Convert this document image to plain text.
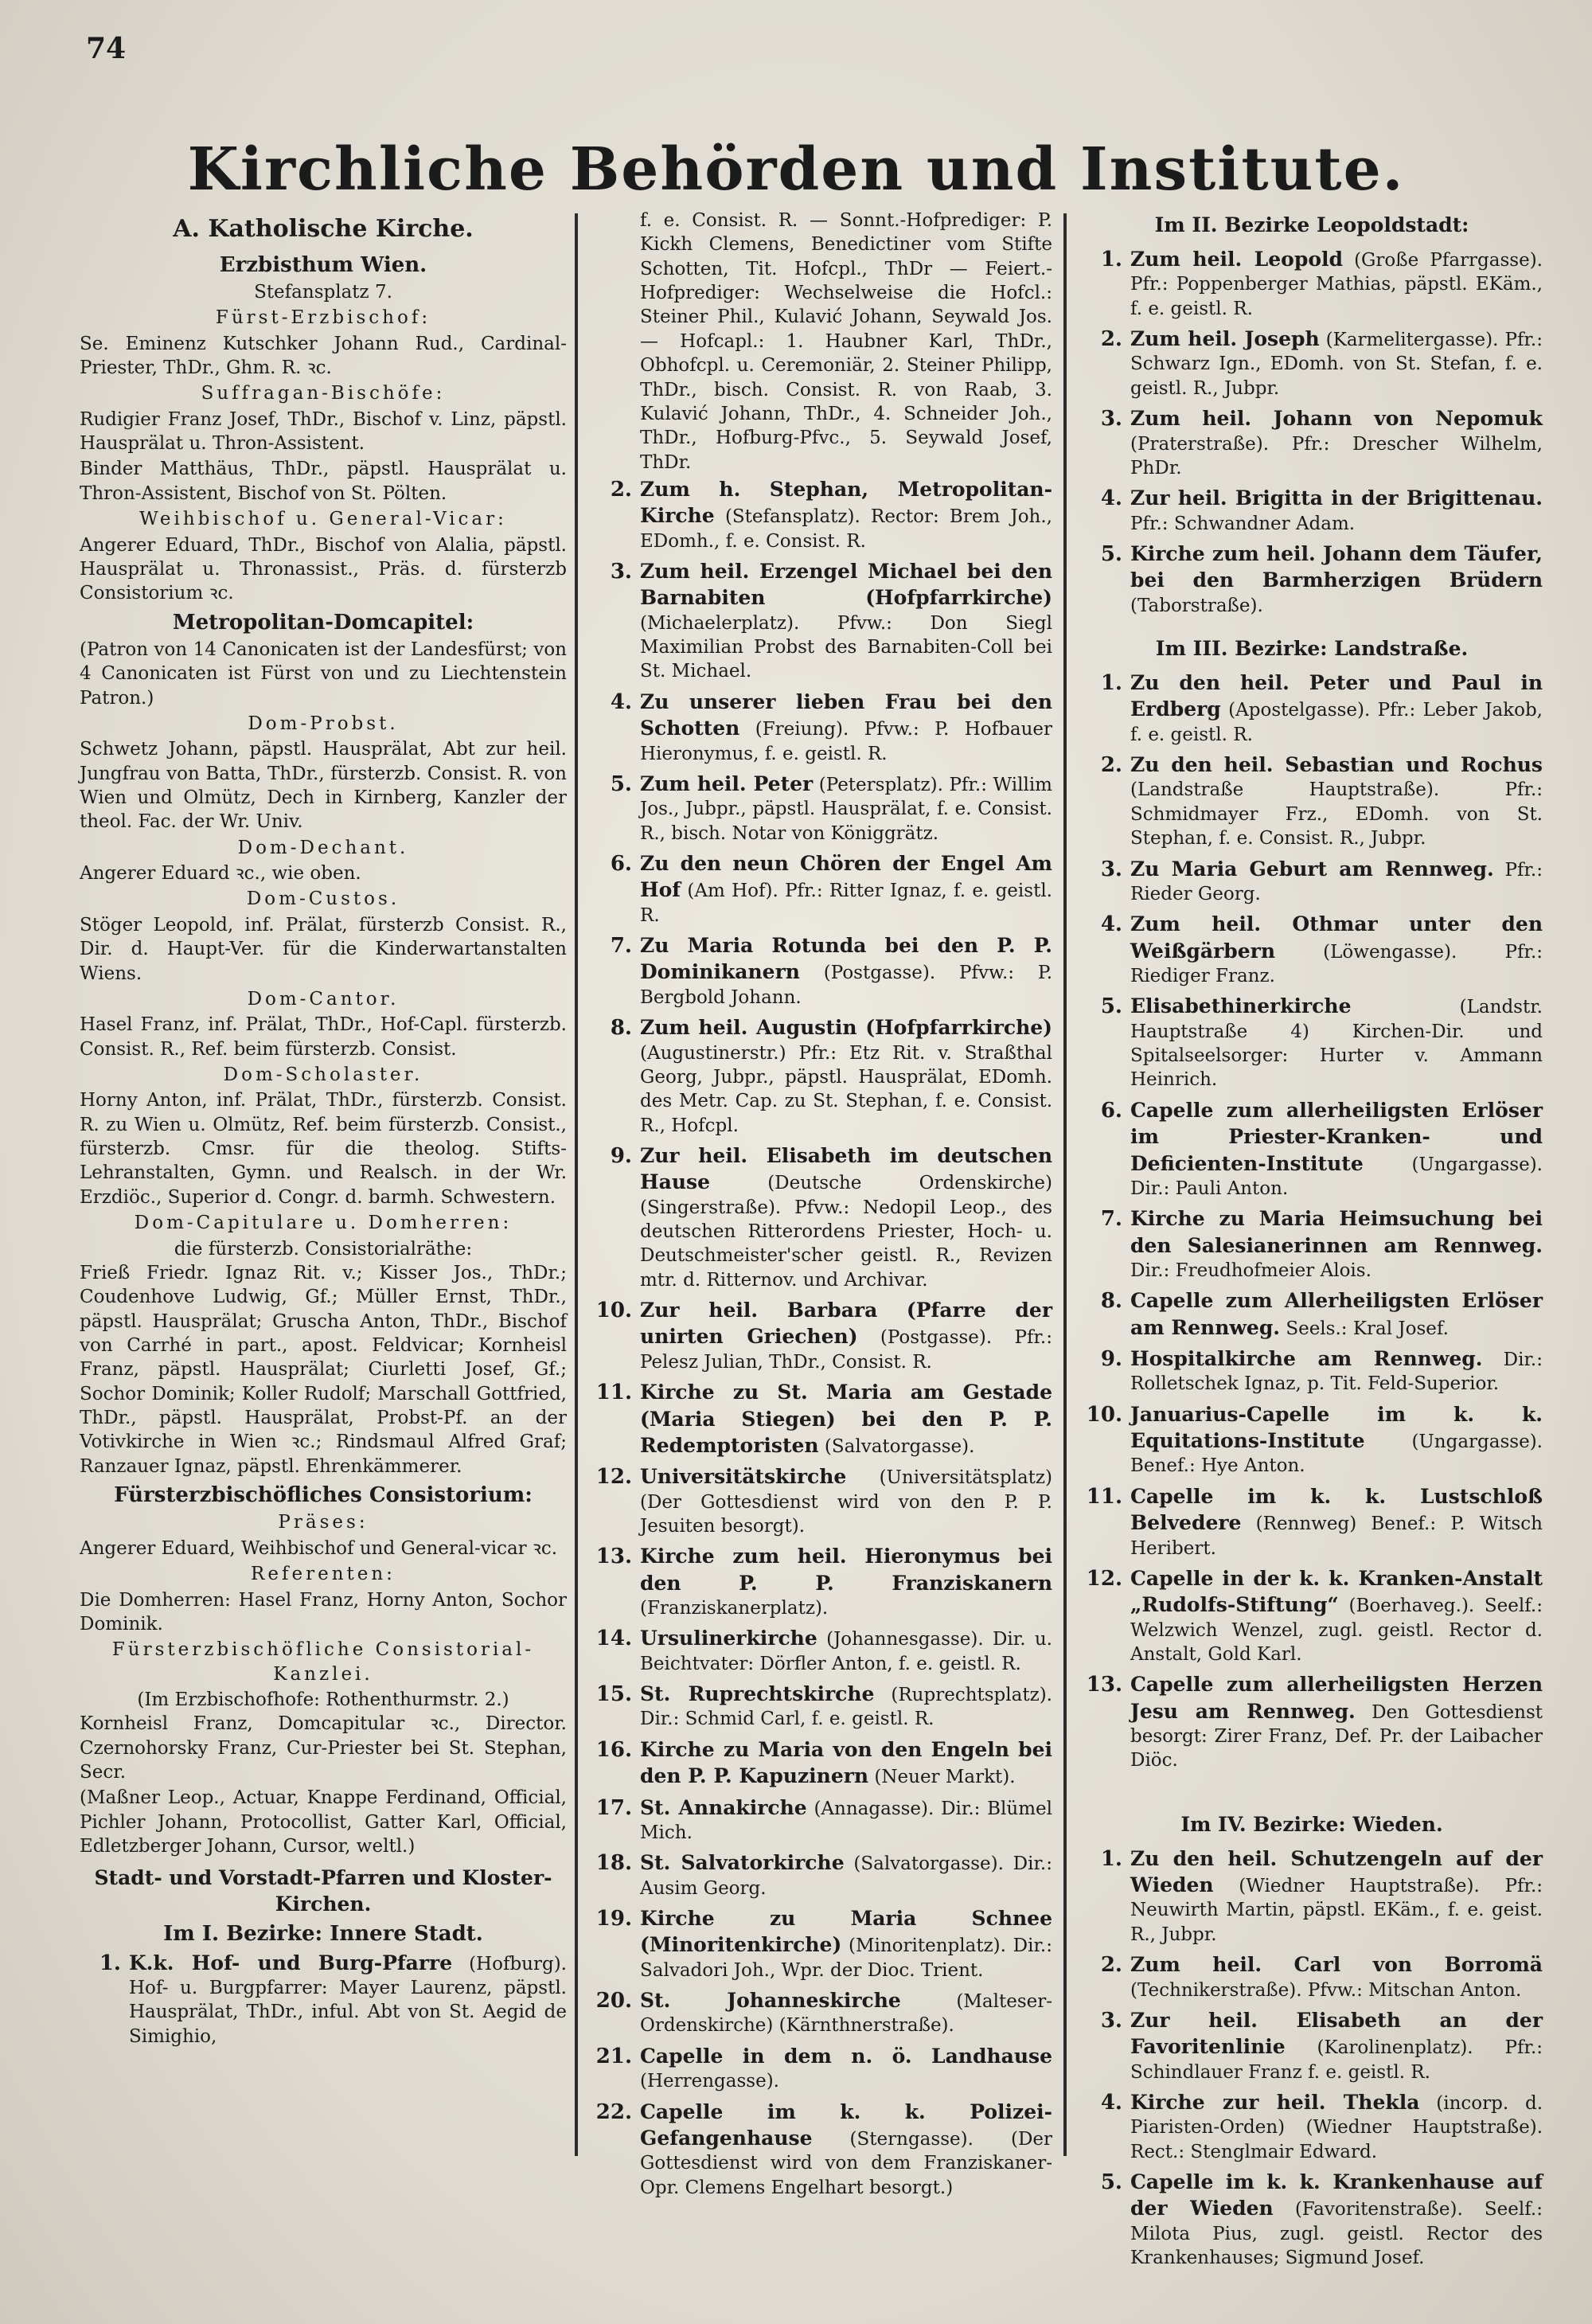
74
Kirchliche Behörden und Institute.
A. Katholische Kirche.
Erzbisthum Wien.
Stefansplatz 7.
Fürst-Erzbischof:
Se. Eminenz Kutschker Johann Rud., Cardinal-Priester, ThDr., Ghm. R. ꝛc.
Suffragan-Bischöfe:
Rudigier Franz Josef, ThDr., Bischof v. Linz, päpstl. Hausprälat u. Thron-Assistent.
Binder Matthäus, ThDr., päpstl. Hausprälat u. Thron-Assistent, Bischof von St. Pölten.
Weihbischof u. General-Vicar:
Angerer Eduard, ThDr., Bischof von Alalia, päpstl. Hausprälat u. Thronassist., Präs. d. fürsterzb Consistorium ꝛc.
Metropolitan-Domcapitel:
(Patron von 14 Canonicaten ist der Landesfürst; von 4 Canonicaten ist Fürst von und zu Liechtenstein Patron.)
Dom-Probst.
Schwetz Johann, päpstl. Hausprälat, Abt zur heil. Jungfrau von Batta, ThDr., fürsterzb. Consist. R. von Wien und Olmütz, Dech in Kirnberg, Kanzler der theol. Fac. der Wr. Univ.
Dom-Dechant.
Angerer Eduard ꝛc., wie oben.
Dom-Custos.
Stöger Leopold, inf. Prälat, fürsterzb Consist. R., Dir. d. Haupt-Ver. für die Kinderwartanstalten Wiens.
Dom-Cantor.
Hasel Franz, inf. Prälat, ThDr., Hof-Capl. fürsterzb. Consist. R., Ref. beim fürsterzb. Consist.
Dom-Scholaster.
Horny Anton, inf. Prälat, ThDr., fürsterzb. Consist. R. zu Wien u. Olmütz, Ref. beim fürsterzb. Consist., fürsterzb. Cmsr. für die theolog. Stifts-Lehranstalten, Gymn. und Realsch. in der Wr. Erzdiöc., Superior d. Congr. d. barmh. Schwestern.
Dom-Capitulare u. Domherren:
die fürsterzb. Consistorialräthe:
Frieß Friedr. Ignaz Rit. v.; Kisser Jos., ThDr.; Coudenhove Ludwig, Gf.; Müller Ernst, ThDr., päpstl. Hausprälat; Gruscha Anton, ThDr., Bischof von Carrhé in part., apost. Feldvicar; Kornheisl Franz, päpstl. Hausprälat; Ciurletti Josef, Gf.; Sochor Dominik; Koller Rudolf; Marschall Gottfried, ThDr., päpstl. Hausprälat, Probst-Pf. an der Votivkirche in Wien ꝛc.; Rindsmaul Alfred Graf; Ranzauer Ignaz, päpstl. Ehrenkämmerer.
Fürsterzbischöfliches Consistorium:
Präses:
Angerer Eduard, Weihbischof und General-vicar ꝛc.
Referenten:
Die Domherren: Hasel Franz, Horny Anton, Sochor Dominik.
Fürsterzbischöfliche Consistorial-Kanzlei.
(Im Erzbischofhofe: Rothenthurmstr. 2.)
Kornheisl Franz, Domcapitular ꝛc., Director. Czernohorsky Franz, Cur-Priester bei St. Stephan, Secr.
(Maßner Leop., Actuar, Knappe Ferdinand, Official, Pichler Johann, Protocollist, Gatter Karl, Official, Edletzberger Johann, Cursor, weltl.)
Stadt- und Vorstadt-Pfarren und Kloster-Kirchen.
Im I. Bezirke: Innere Stadt.
1. K.k. Hof- und Burg-Pfarre (Hofburg). Hof- u. Burgpfarrer: Mayer Laurenz, päpstl. Hausprälat, ThDr., inful. Abt von St. Aegid de Simighio,
f. e. Consist. R. — Sonnt.-Hofprediger: P. Kickh Clemens, Benedictiner vom Stifte Schotten, Tit. Hofcpl., ThDr — Feiert.-Hofprediger: Wechselweise die Hofcl.: Steiner Phil., Kulavić Johann, Seywald Jos. — Hofcapl.: 1. Haubner Karl, ThDr., Obhofcpl. u. Ceremoniär, 2. Steiner Philipp, ThDr., bisch. Consist. R. von Raab, 3. Kulavić Johann, ThDr., 4. Schneider Joh., ThDr., Hofburg-Pfvc., 5. Seywald Josef, ThDr.
2. Zum h. Stephan, Metropolitan-Kirche (Stefansplatz). Rector: Brem Joh., EDomh., f. e. Consist. R.
3. Zum heil. Erzengel Michael bei den Barnabiten (Hofpfarrkirche) (Michaelerplatz). Pfvw.: Don Siegl Maximilian Probst des Barnabiten-Coll bei St. Michael.
4. Zu unserer lieben Frau bei den Schotten (Freiung). Pfvw.: P. Hofbauer Hieronymus, f. e. geistl. R.
5. Zum heil. Peter (Petersplatz). Pfr.: Willim Jos., Jubpr., päpstl. Hausprälat, f. e. Consist. R., bisch. Notar von Königgrätz.
6. Zu den neun Chören der Engel Am Hof (Am Hof). Pfr.: Ritter Ignaz, f. e. geistl. R.
7. Zu Maria Rotunda bei den P. P. Dominikanern (Postgasse). Pfvw.: P. Bergbold Johann.
8. Zum heil. Augustin (Hofpfarrkirche) (Augustinerstr.) Pfr.: Etz Rit. v. Straßthal Georg, Jubpr., päpstl. Hausprälat, EDomh. des Metr. Cap. zu St. Stephan, f. e. Consist. R., Hofcpl.
9. Zur heil. Elisabeth im deutschen Hause (Deutsche Ordenskirche) (Singerstraße). Pfvw.: Nedopil Leop., des deutschen Ritterordens Priester, Hoch- u. Deutschmeister'scher geistl. R., Revizen mtr. d. Ritternov. und Archivar.
10. Zur heil. Barbara (Pfarre der unirten Griechen) (Postgasse). Pfr.: Pelesz Julian, ThDr., Consist. R.
11. Kirche zu St. Maria am Gestade (Maria Stiegen) bei den P. P. Redemptoristen (Salvatorgasse).
12. Universitätskirche (Universitätsplatz) (Der Gottesdienst wird von den P. P. Jesuiten besorgt).
13. Kirche zum heil. Hieronymus bei den P. P. Franziskanern (Franziskanerplatz).
14. Ursulinerkirche (Johannesgasse). Dir. u. Beichtvater: Dörfler Anton, f. e. geistl. R.
15. St. Ruprechtskirche (Ruprechtsplatz). Dir.: Schmid Carl, f. e. geistl. R.
16. Kirche zu Maria von den Engeln bei den P. P. Kapuzinern (Neuer Markt).
17. St. Annakirche (Annagasse). Dir.: Blümel Mich.
18. St. Salvatorkirche (Salvatorgasse). Dir.: Ausim Georg.
19. Kirche zu Maria Schnee (Minoritenkirche) (Minoritenplatz). Dir.: Salvadori Joh., Wpr. der Dioc. Trient.
20. St. Johanneskirche (Malteser-Ordenskirche) (Kärnthnerstraße).
21. Capelle in dem n. ö. Landhause (Herrengasse).
22. Capelle im k. k. Polizei-Gefangenhause (Sterngasse). (Der Gottesdienst wird von dem Franziskaner-Opr. Clemens Engelhart besorgt.)
Im II. Bezirke Leopoldstadt:
1. Zum heil. Leopold (Große Pfarrgasse). Pfr.: Poppenberger Mathias, päpstl. EKäm., f. e. geistl. R.
2. Zum heil. Joseph (Karmelitergasse). Pfr.: Schwarz Ign., EDomh. von St. Stefan, f. e. geistl. R., Jubpr.
3. Zum heil. Johann von Nepomuk (Praterstraße). Pfr.: Drescher Wilhelm, PhDr.
4. Zur heil. Brigitta in der Brigittenau. Pfr.: Schwandner Adam.
5. Kirche zum heil. Johann dem Täufer, bei den Barmherzigen Brüdern (Taborstraße).
Im III. Bezirke: Landstraße.
1. Zu den heil. Peter und Paul in Erdberg (Apostelgasse). Pfr.: Leber Jakob, f. e. geistl. R.
2. Zu den heil. Sebastian und Rochus (Landstraße Hauptstraße). Pfr.: Schmidmayer Frz., EDomh. von St. Stephan, f. e. Consist. R., Jubpr.
3. Zu Maria Geburt am Rennweg. Pfr.: Rieder Georg.
4. Zum heil. Othmar unter den Weißgärbern (Löwengasse). Pfr.: Riediger Franz.
5. Elisabethinerkirche (Landstr. Hauptstraße 4) Kirchen-Dir. und Spitalseelsorger: Hurter v. Ammann Heinrich.
6. Capelle zum allerheiligsten Erlöser im Priester-Kranken- und Deficienten-Institute (Ungargasse). Dir.: Pauli Anton.
7. Kirche zu Maria Heimsuchung bei den Salesianerinnen am Rennweg. Dir.: Freudhofmeier Alois.
8. Capelle zum Allerheiligsten Erlöser am Rennweg. Seels.: Kral Josef.
9. Hospitalkirche am Rennweg. Dir.: Rolletschek Ignaz, p. Tit. Feld-Superior.
10. Januarius-Capelle im k. k. Equitations-Institute (Ungargasse). Benef.: Hye Anton.
11. Capelle im k. k. Lustschloß Belvedere (Rennweg) Benef.: P. Witsch Heribert.
12. Capelle in der k. k. Kranken-Anstalt „Rudolfs-Stiftung“ (Boerhaveg.). Seelf.: Welzwich Wenzel, zugl. geistl. Rector d. Anstalt, Gold Karl.
13. Capelle zum allerheiligsten Herzen Jesu am Rennweg. Den Gottesdienst besorgt: Zirer Franz, Def. Pr. der Laibacher Diöc.
Im IV. Bezirke: Wieden.
1. Zu den heil. Schutzengeln auf der Wieden (Wiedner Hauptstraße). Pfr.: Neuwirth Martin, päpstl. EKäm., f. e. geist. R., Jubpr.
2. Zum heil. Carl von Borromä (Technikerstraße). Pfvw.: Mitschan Anton.
3. Zur heil. Elisabeth an der Favoritenlinie (Karolinenplatz). Pfr.: Schindlauer Franz f. e. geistl. R.
4. Kirche zur heil. Thekla (incorp. d. Piaristen-Orden) (Wiedner Hauptstraße). Rect.: Stenglmair Edward.
5. Capelle im k. k. Krankenhause auf der Wieden (Favoritenstraße). Seelf.: Milota Pius, zugl. geistl. Rector des Krankenhauses; Sigmund Josef.
